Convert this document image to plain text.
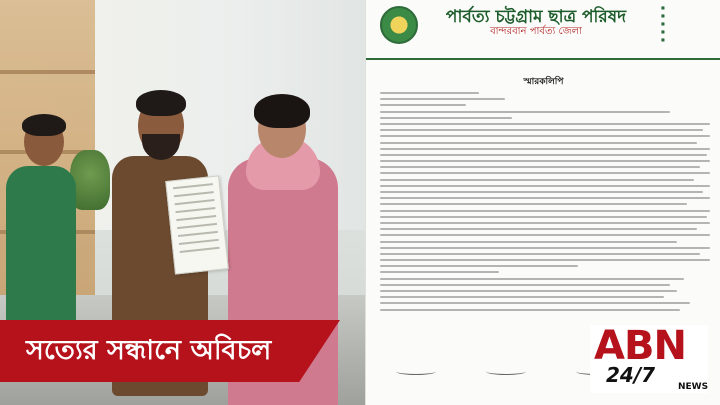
পার্বত্য চট্টগ্রাম ছাত্র পরিষদ
বান্দরবান পার্বত্য জেলা
■
■
■
■
■
স্মারকলিপি
সত্যের সন্ধানে অবিচল	ABN
24/7	NEWS
